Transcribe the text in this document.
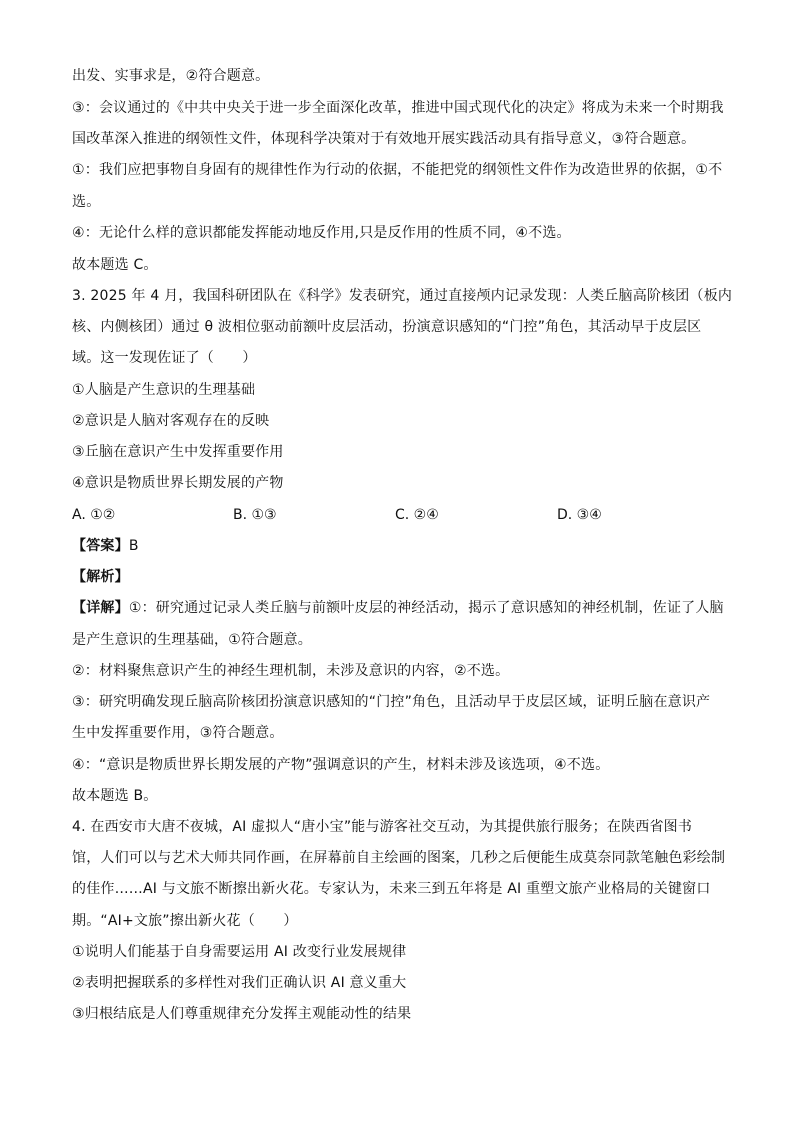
出发、实事求是，②符合题意。
③：会议通过的《中共中央关于进一步全面深化改革，推进中国式现代化的决定》将成为未来一个时期我
国改革深入推进的纲领性文件，体现科学决策对于有效地开展实践活动具有指导意义，③符合题意。
①：我们应把事物自身固有的规律性作为行动的依据，不能把党的纲领性文件作为改造世界的依据，①不
选。
④：无论什么样的意识都能发挥能动地反作用,只是反作用的性质不同，④不选。
故本题选 C。
3. 2025 年 4 月，我国科研团队在《科学》发表研究，通过直接颅内记录发现：人类丘脑高阶核团（板内
核、内侧核团）通过 θ 波相位驱动前额叶皮层活动，扮演意识感知的“门控”角色，其活动早于皮层区
域。这一发现佐证了（　　）
①人脑是产生意识的生理基础
②意识是人脑对客观存在的反映
③丘脑在意识产生中发挥重要作用
④意识是物质世界长期发展的产物
A. ①②	B. ①③	C. ②④	D. ③④
【答案】B
【解析】
【详解】①：研究通过记录人类丘脑与前额叶皮层的神经活动，揭示了意识感知的神经机制，佐证了人脑
是产生意识的生理基础，①符合题意。
②：材料聚焦意识产生的神经生理机制，未涉及意识的内容，②不选。
③：研究明确发现丘脑高阶核团扮演意识感知的“门控”角色，且活动早于皮层区域，证明丘脑在意识产
生中发挥重要作用，③符合题意。
④：“意识是物质世界长期发展的产物”强调意识的产生，材料未涉及该选项，④不选。
故本题选 B。
4. 在西安市大唐不夜城，AI 虚拟人“唐小宝”能与游客社交互动，为其提供旅行服务；在陕西省图书
馆，人们可以与艺术大师共同作画，在屏幕前自主绘画的图案，几秒之后便能生成莫奈同款笔触色彩绘制
的佳作……AI 与文旅不断擦出新火花。专家认为，未来三到五年将是 AI 重塑文旅产业格局的关键窗口
期。“AI+文旅”擦出新火花（　　）
①说明人们能基于自身需要运用 AI 改变行业发展规律
②表明把握联系的多样性对我们正确认识 AI 意义重大
③归根结底是人们尊重规律充分发挥主观能动性的结果
